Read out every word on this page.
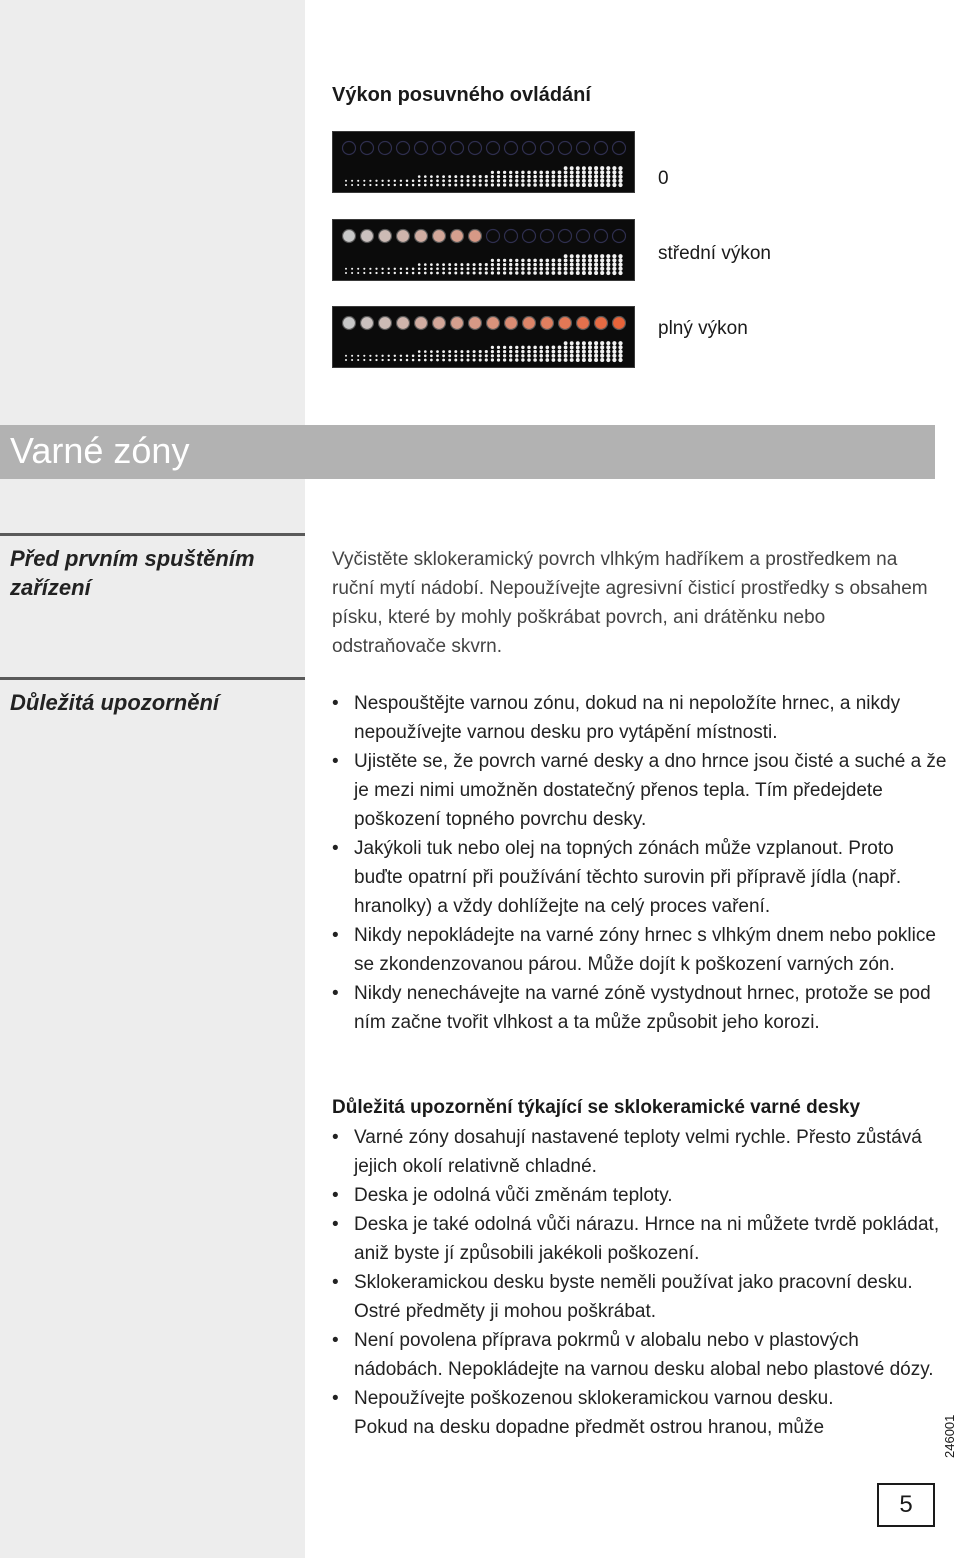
Výkon posuvného ovládání
0
střední výkon
plný výkon
Varné zóny
Před prvním spuštěním zařízení
Vyčistěte sklokeramický povrch vlhkým hadříkem a prostředkem na ruční mytí nádobí. Nepoužívejte agresivní čisticí prostředky s obsahem písku, které by mohly poškrábat povrch, ani drátěnku nebo odstraňovače skvrn.
Důležitá upozornění	• Nespouštějte varnou zónu, dokud na ni nepoložíte hrnec, a nikdy nepoužívejte varnou desku pro vytápění místnosti.
• Ujistěte se, že povrch varné desky a dno hrnce jsou čisté a suché a že je mezi nimi umožněn dostatečný přenos tepla. Tím předejdete poškození topného povrchu desky.
• Jakýkoli tuk nebo olej na topných zónách může vzplanout. Proto buďte opatrní při používání těchto surovin při přípravě jídla (např. hranolky) a vždy dohlížejte na celý proces vaření.
• Nikdy nepokládejte na varné zóny hrnec s vlhkým dnem nebo poklice se zkondenzovanou párou. Může dojít k poškození varných zón.
• Nikdy nenechávejte na varné zóně vystydnout hrnec, protože se pod ním začne tvořit vlhkost a ta může způsobit jeho korozi.
Důležitá upozornění týkající se sklokeramické varné desky
• Varné zóny dosahují nastavené teploty velmi rychle. Přesto zůstává jejich okolí relativně chladné.
• Deska je odolná vůči změnám teploty.
• Deska je také odolná vůči nárazu. Hrnce na ni můžete tvrdě pokládat, aniž byste jí způsobili jakékoli poškození.
• Sklokeramickou desku byste neměli používat jako pracovní desku. Ostré předměty ji mohou poškrábat.
• Není povolena příprava pokrmů v alobalu nebo v plastových nádobách. Nepokládejte na varnou desku alobal nebo plastové dózy.
• Nepoužívejte poškozenou sklokeramickou varnou desku. Pokud na desku dopadne předmět ostrou hranou, může	246001
5
